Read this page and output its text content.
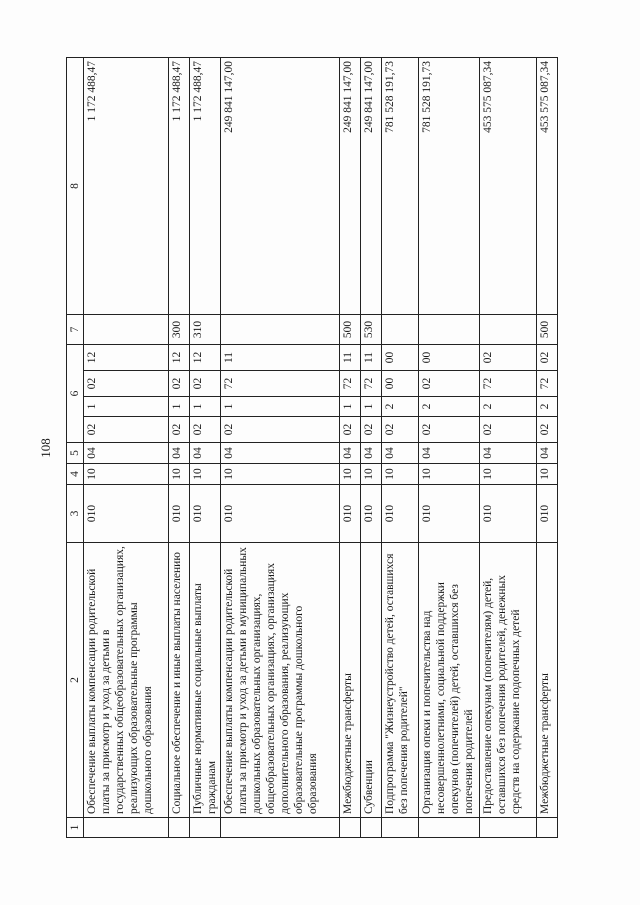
108
1	2	3	4	5	6				7	8
	Обеспечение выплаты компенсации родительской платы за присмотр и уход за детьми в государственных общеобразовательных организациях, реализующих образовательные программы дошкольного образования	010	10	04	02	1	02	12		1 172 488,47
	Социальное обеспечение и иные выплаты населению	010	10	04	02	1	02	12	300	1 172 488,47
	Публичные нормативные социальные выплаты гражданам	010	10	04	02	1	02	12	310	1 172 488,47
	Обеспечение выплаты компенсации родительской платы за присмотр и уход за детьми в муниципальных дошкольных образовательных организациях, общеобразовательных организациях, организациях дополнительного образования, реализующих образовательные программы дошкольного образования	010	10	04	02	1	72	11		249 841 147,00
	Межбюджетные трансферты	010	10	04	02	1	72	11	500	249 841 147,00
	Субвенции	010	10	04	02	1	72	11	530	249 841 147,00
	Подпрограмма "Жизнеустройство детей, оставшихся без попечения родителей"	010	10	04	02	2	00	00		781 528 191,73
	Организация опеки и попечительства над несовершеннолетними, социальной поддержки опекунов (попечителей) детей, оставшихся без попечения родителей	010	10	04	02	2	02	00		781 528 191,73
	Предоставление опекунам (попечителям) детей, оставшихся без попечения родителей, денежных средств на содержание подопечных детей	010	10	04	02	2	72	02		453 575 087,34
	Межбюджетные трансферты	010	10	04	02	2	72	02	500	453 575 087,34
